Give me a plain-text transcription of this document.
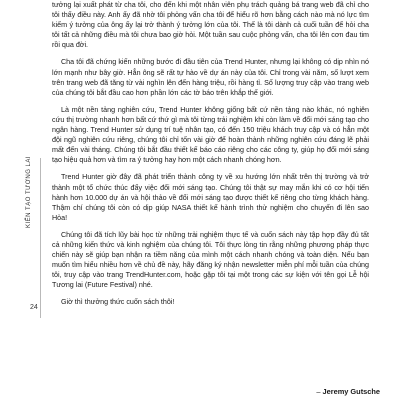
KIẾN TẠO TƯƠNG LAI
24

tưởng lại xuất phát từ cha tôi, cho đến khi một nhân viên phụ trách quảng bá trang web đã chỉ cho tôi thấy điều này. Anh ấy đã nhờ tôi phỏng vấn cha tôi để hiểu rõ hơn bằng cách nào mà nó lực tìm kiếm ý tưởng của ông ấy lại trở thành ý tưởng lớn của tôi. Thế là tôi dành cả cuối tuần để hỏi cha tôi tất cả những điều mà tôi chưa bao giờ hỏi. Một tuần sau cuộc phỏng vấn, cha tôi lên cơn đau tim rồi qua đời.

Cha tôi đã chứng kiến những bước đi đầu tiên của Trend Hunter, nhưng lại không có dịp nhìn nó lớn mạnh như bây giờ. Hẳn ông sẽ rất tự hào về dự án này của tôi. Chỉ trong vài năm, số lượt xem trên trang web đã tăng từ vài nghìn lên đến hàng triệu, rồi hàng tỉ. Số lượng truy cập vào trang web của chúng tôi bắt đầu cao hơn phần lớn các tờ báo trên khắp thế giới.

Là một nền tảng nghiên cứu, Trend Hunter không giống bất cứ nền tảng nào khác, nó nghiên cứu thị trường nhanh hơn bất cứ thứ gì mà tôi từng trải nghiệm khi còn làm về đổi mới sáng tạo cho ngân hàng. Trend Hunter sử dụng trí tuệ nhân tạo, có đến 150 triệu khách truy cập và có hẳn một đội ngũ nghiên cứu riêng, chúng tôi chỉ tốn vài giờ để hoàn thành những nghiên cứu đáng lẽ phải mất đến vài tháng. Chúng tôi bắt đầu thiết kế báo cáo riêng cho các công ty, giúp họ đổi mới sáng tạo hiệu quả hơn và tìm ra ý tưởng hay hơn một cách nhanh chóng hơn.

Trend Hunter giờ đây đã phát triển thành công ty về xu hướng lớn nhất trên thị trường và trở thành một tổ chức thúc đẩy việc đổi mới sáng tạo. Chúng tôi thật sự may mắn khi có cơ hội tiến hành hơn 10.000 dự án và hội thảo về đổi mới sáng tạo được thiết kế riêng cho từng khách hàng. Thậm chí chúng tôi còn có dịp giúp NASA thiết kế hành trình thử nghiệm cho chuyến đi lên sao Hỏa!

Chúng tôi đã tích lũy bài học từ những trải nghiệm thực tế và cuốn sách này tập hợp đầy đủ tất cả những kiến thức và kinh nghiệm của chúng tôi. Tôi thực lòng tin rằng những phương pháp thực chiến này sẽ giúp bạn nhận ra tiềm năng của mình một cách nhanh chóng và toàn diện. Nếu bạn muốn tìm hiểu nhiều hơn về chủ đề này, hãy đăng ký nhận newsletter miễn phí mỗi tuần của chúng tôi, truy cập vào trang TrendHunter.com, hoặc gặp tôi tại một trong các sự kiện với tên gọi Lễ hội Tương lai (Future Festival) nhé.

Giờ thì thưởng thức cuốn sách thôi!

– Jeremy Gutsche
